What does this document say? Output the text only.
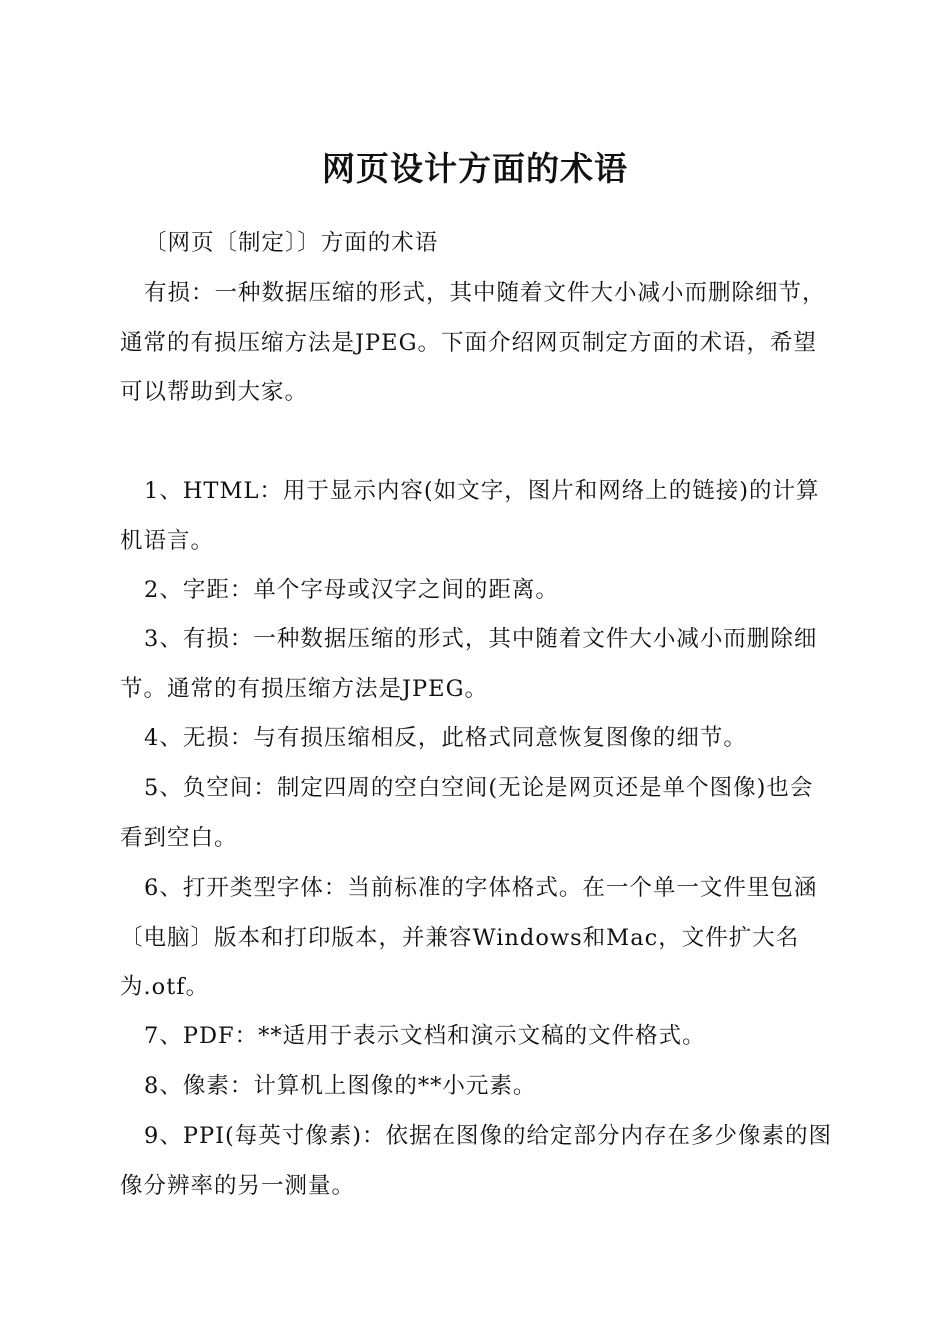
网页设计方面的术语

〔网页〔制定〕〕方面的术语

有损：一种数据压缩的形式，其中随着文件大小减小而删除细节，通常的有损压缩方法是JPEG。下面介绍网页制定方面的术语，希望可以帮助到大家。

1、HTML：用于显示内容(如文字，图片和网络上的链接)的计算机语言。

2、字距：单个字母或汉字之间的距离。

3、有损：一种数据压缩的形式，其中随着文件大小减小而删除细节。通常的有损压缩方法是JPEG。

4、无损：与有损压缩相反，此格式同意恢复图像的细节。

5、负空间：制定四周的空白空间(无论是网页还是单个图像)也会看到空白。

6、打开类型字体：当前标准的字体格式。在一个单一文件里包涵〔电脑〕版本和打印版本，并兼容Windows和Mac，文件扩大名为.otf。

7、PDF：**适用于表示文档和演示文稿的文件格式。

8、像素：计算机上图像的**小元素。

9、PPI(每英寸像素)：依据在图像的给定部分内存在多少像素的图像分辨率的另一测量。
